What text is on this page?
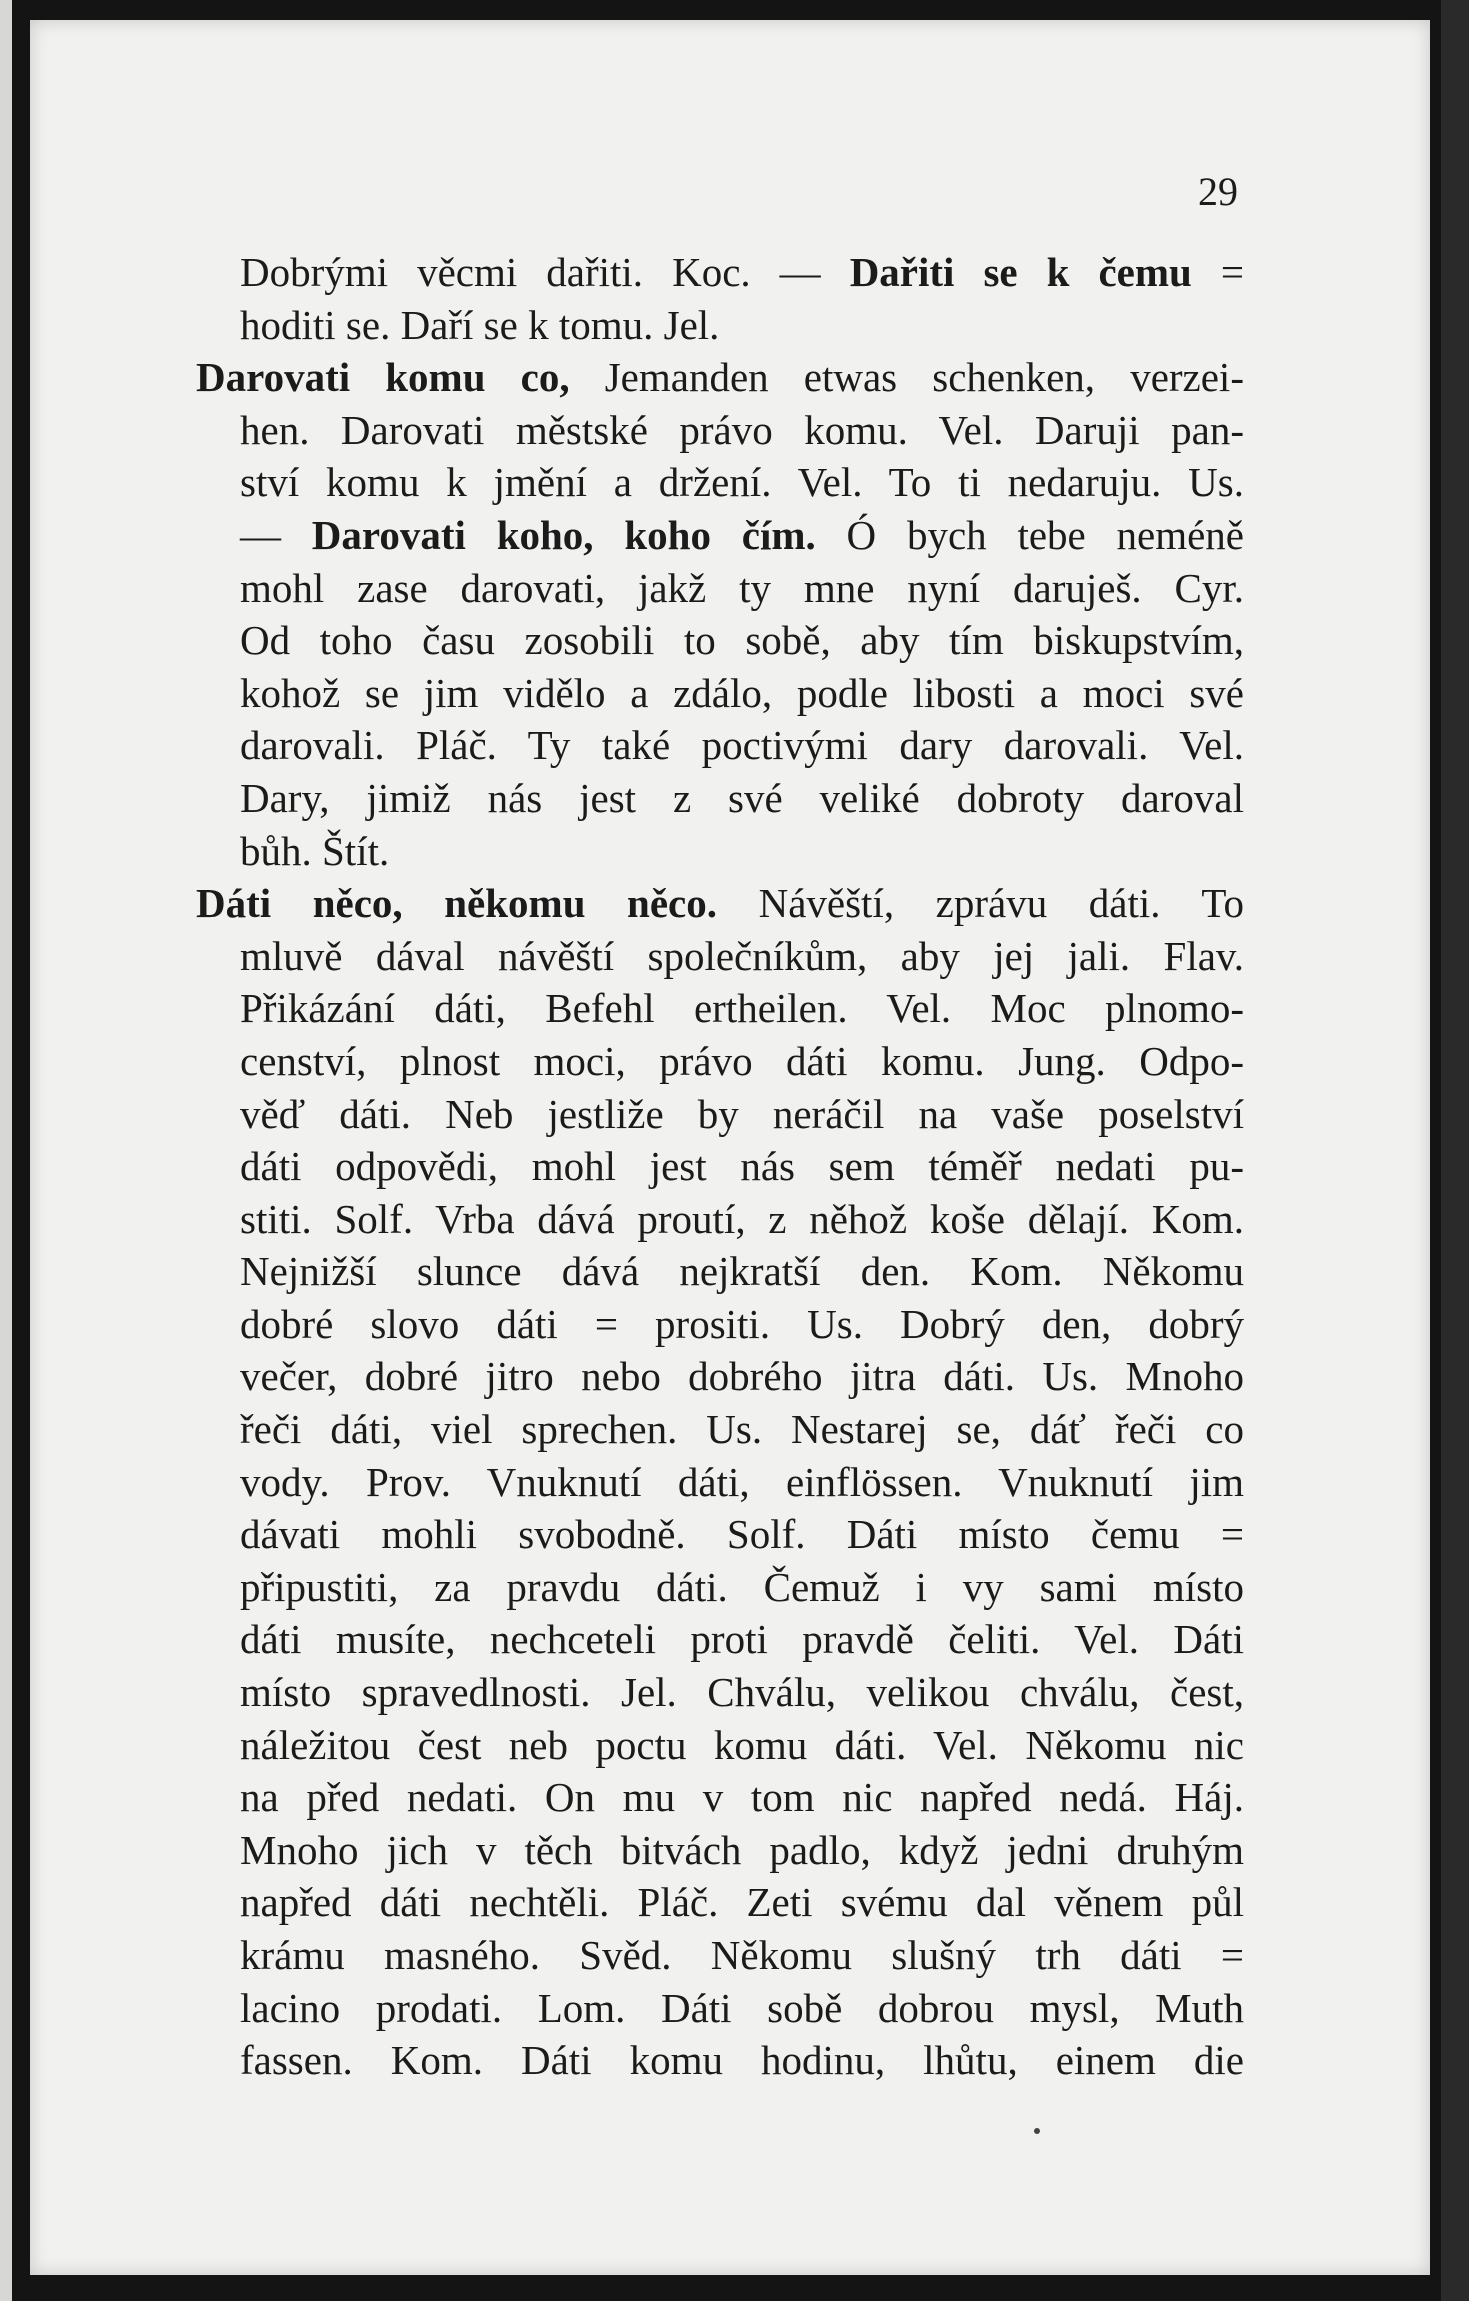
29
Dobrými věcmi dařiti. Koc. — Dařiti se k čemu =
hoditi se. Daří se k tomu. Jel.
Darovati komu co, Jemanden etwas schenken, verzei-
hen. Darovati městské právo komu. Vel. Daruji pan-
ství komu k jmění a držení. Vel. To ti nedaruju. Us.
— Darovati koho, koho čím. Ó bych tebe neméně
mohl zase darovati, jakž ty mne nyní daruješ. Cyr.
Od toho času zosobili to sobě, aby tím biskupstvím,
kohož se jim vidělo a zdálo, podle libosti a moci své
darovali. Pláč. Ty také poctivými dary darovali. Vel.
Dary, jimiž nás jest z své veliké dobroty daroval
bůh. Štít.
Dáti něco, někomu něco. Návěští, zprávu dáti. To
mluvě dával návěští společníkům, aby jej jali. Flav.
Přikázání dáti, Befehl ertheilen. Vel. Moc plnomo-
cenství, plnost moci, právo dáti komu. Jung. Odpo-
věď dáti. Neb jestliže by neráčil na vaše poselství
dáti odpovědi, mohl jest nás sem téměř nedati pu-
stiti. Solf. Vrba dává proutí, z něhož koše dělají. Kom.
Nejnižší slunce dává nejkratší den. Kom. Někomu
dobré slovo dáti = prositi. Us. Dobrý den, dobrý
večer, dobré jitro nebo dobrého jitra dáti. Us. Mnoho
řeči dáti, viel sprechen. Us. Nestarej se, dáť řeči co
vody. Prov. Vnuknutí dáti, einflössen. Vnuknutí jim
dávati mohli svobodně. Solf. Dáti místo čemu =
připustiti, za pravdu dáti. Čemuž i vy sami místo
dáti musíte, nechceteli proti pravdě čeliti. Vel. Dáti
místo spravedlnosti. Jel. Chválu, velikou chválu, čest,
náležitou čest neb poctu komu dáti. Vel. Někomu nic
na před nedati. On mu v tom nic napřed nedá. Háj.
Mnoho jich v těch bitvách padlo, když jedni druhým
napřed dáti nechtěli. Pláč. Zeti svému dal věnem půl
krámu masného. Svěd. Někomu slušný trh dáti =
lacino prodati. Lom. Dáti sobě dobrou mysl, Muth
fassen. Kom. Dáti komu hodinu, lhůtu, einem die
